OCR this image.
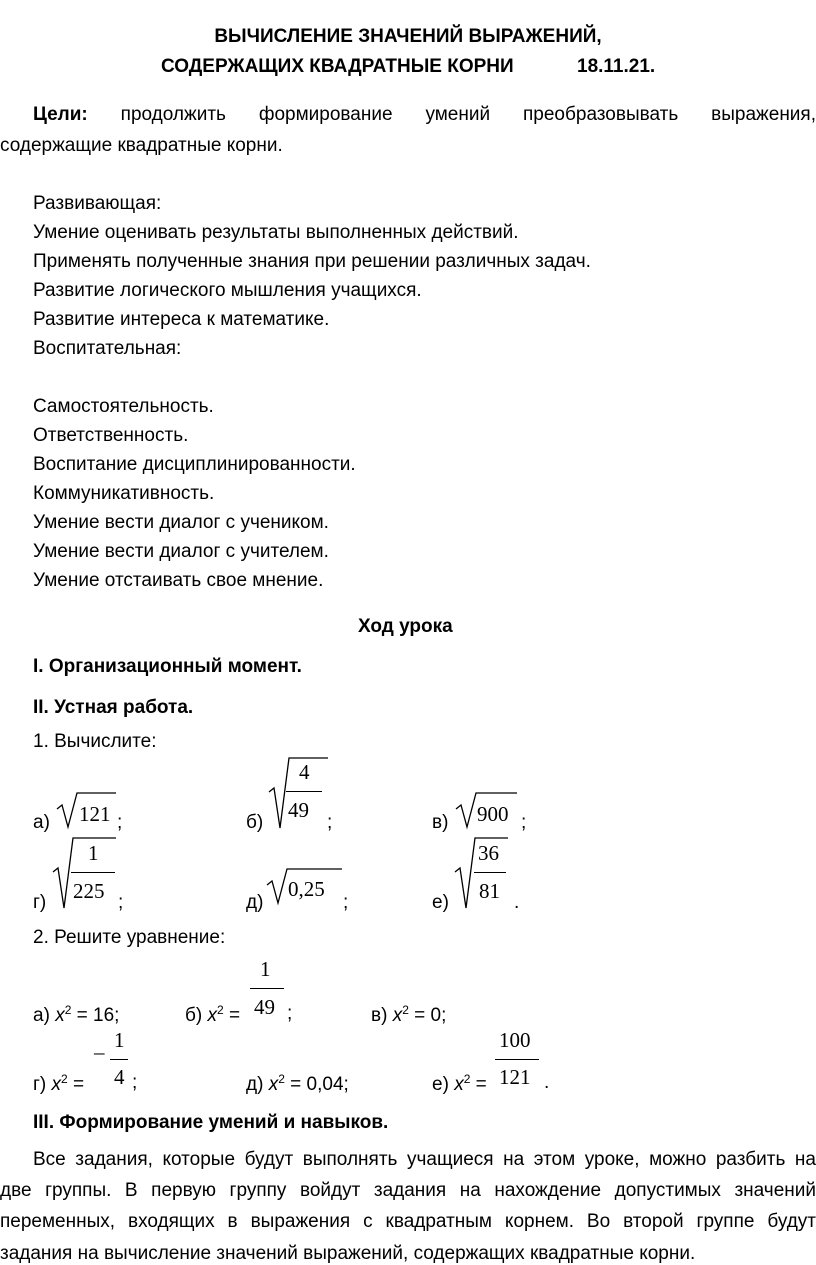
ВЫЧИСЛЕНИЕ ЗНАЧЕНИЙ ВЫРАЖЕНИЙ,
СОДЕРЖАЩИХ КВАДРАТНЫЕ КОРНИ	18.11.21.
Цели: продолжить формирование умений преобразовывать выражения,
содержащие квадратные корни.
Развивающая:
Умение оценивать результаты выполненных действий.
Применять полученные знания при решении различных задач.
Развитие логического мышления учащихся.
Развитие интереса к математике.
Воспитательная:
Самостоятельность.
Ответственность.
Воспитание дисциплинированности.
Коммуникативность.
Умение вести диалог с учеником.
Умение вести диалог с учителем.
Умение отстаивать свое мнение.
Ход урока
I. Организационный момент.
II. Устная работа.
1. Вычислите:
а) 121 ;	б)
4
49
;	в) 900 ;
г)
1
225 ;	д)
0,25
;	е)
36
81 .
2. Решите уравнение:
а) $x^2 = 16$;	б) $x^2$ =
1
49 ;	в) $x^2 = 0$;
г) $x^2$ =
– 1
4 ;	д) $x^2 = 0,04$;	е) $x^2$ =
100
121 .
III. Формирование умений и навыков.
Все задания, которые будут выполнять учащиеся на этом уроке, можно разбить на
две группы. В первую группу войдут задания на нахождение допустимых значений
переменных, входящих в выражения с квадратным корнем. Во второй группе будут
задания на вычисление значений выражений, содержащих квадратные корни.
